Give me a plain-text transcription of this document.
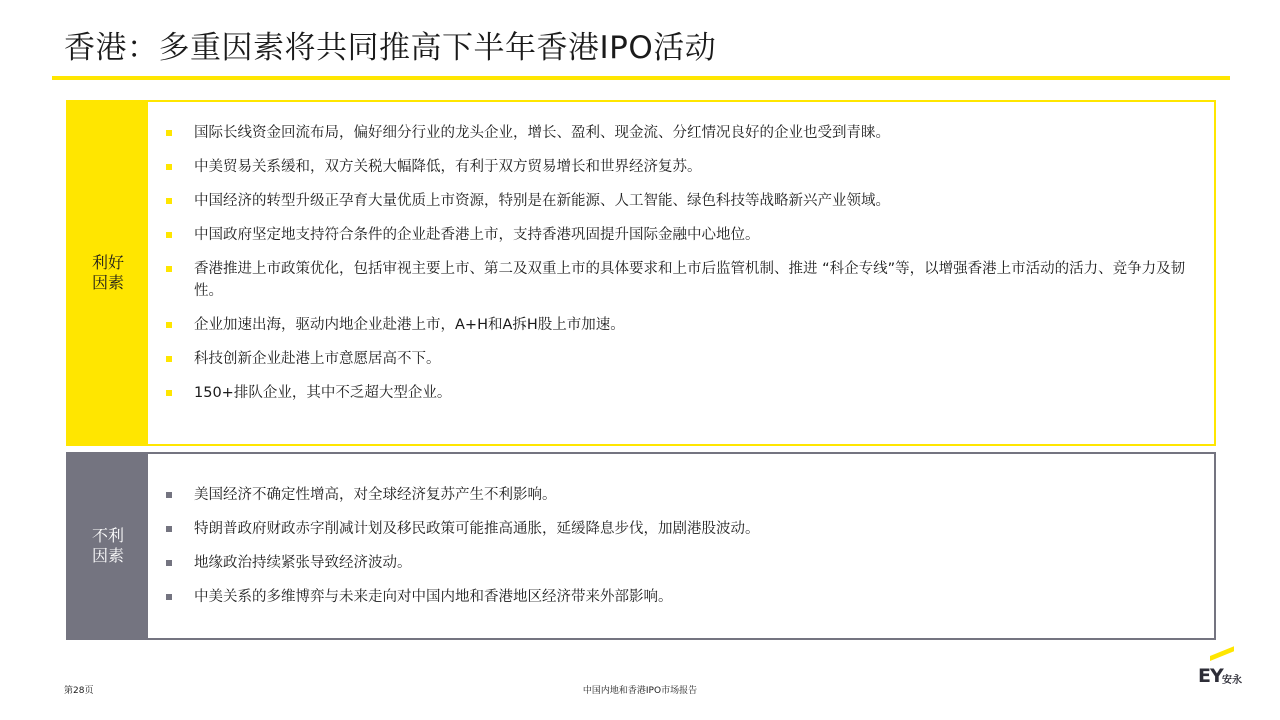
香港：多重因素将共同推高下半年香港IPO活动
利好
因素
国际长线资金回流布局，偏好细分行业的龙头企业，增长、盈利、现金流、分红情况良好的企业也受到青睐。
中美贸易关系缓和，双方关税大幅降低，有利于双方贸易增长和世界经济复苏。
中国经济的转型升级正孕育大量优质上市资源，特别是在新能源、人工智能、绿色科技等战略新兴产业领域。
中国政府坚定地支持符合条件的企业赴香港上市，支持香港巩固提升国际金融中心地位。
香港推进上市政策优化，包括审视主要上市、第二及双重上市的具体要求和上市后监管机制、推进 “科企专线”等，以增强香港上市活动的活力、竞争力及韧性。
企业加速出海，驱动内地企业赴港上市，A+H和A拆H股上市加速。
科技创新企业赴港上市意愿居高不下。
150+排队企业，其中不乏超大型企业。
不利
因素
美国经济不确定性增高，对全球经济复苏产生不利影响。
特朗普政府财政赤字削减计划及移民政策可能推高通胀，延缓降息步伐，加剧港股波动。
地缘政治持续紧张导致经济波动。
中美关系的多维博弈与未来走向对中国内地和香港地区经济带来外部影响。
第28页	中国内地和香港IPO市场报告
EY 安永
